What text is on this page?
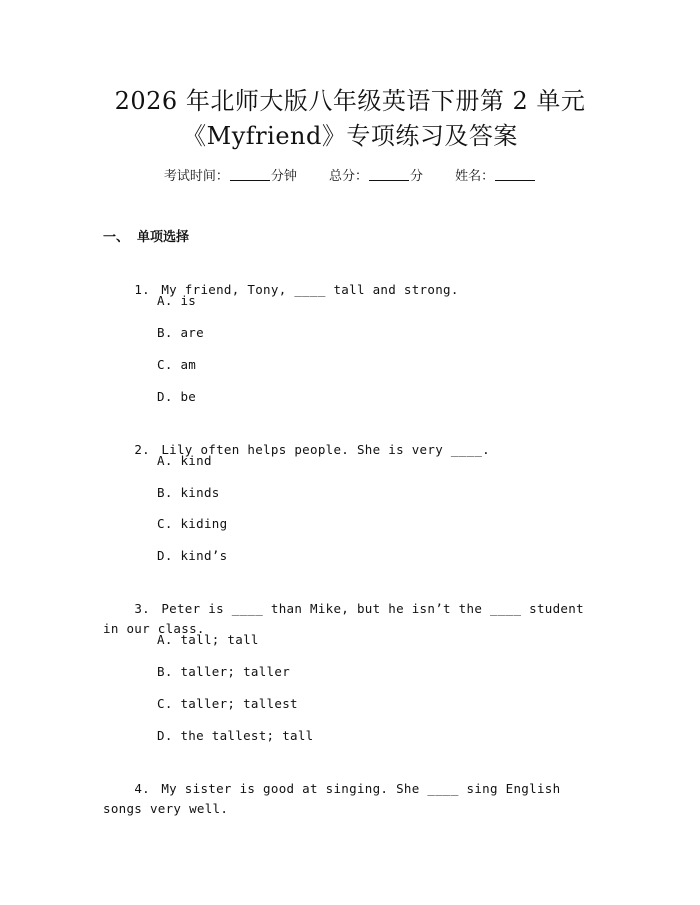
2026 年北师大版八年级英语下册第 2 单元
《Myfriend》专项练习及答案
考试时间：	分钟 总分：	分 姓名：
一、 单项选择

1. My friend, Tony, ____ tall and strong.

A. is
B. are
C. am
D. be

2. Lily often helps people. She is very ____.

A. kind
B. kinds
C. kiding
D. kind’s

3. Peter is ____ than Mike, but he isn’t the ____ student in our class.

A. tall; tall
B. taller; taller
C. taller; tallest
D. the tallest; tall

4. My sister is good at singing. She ____ sing English songs very well.
